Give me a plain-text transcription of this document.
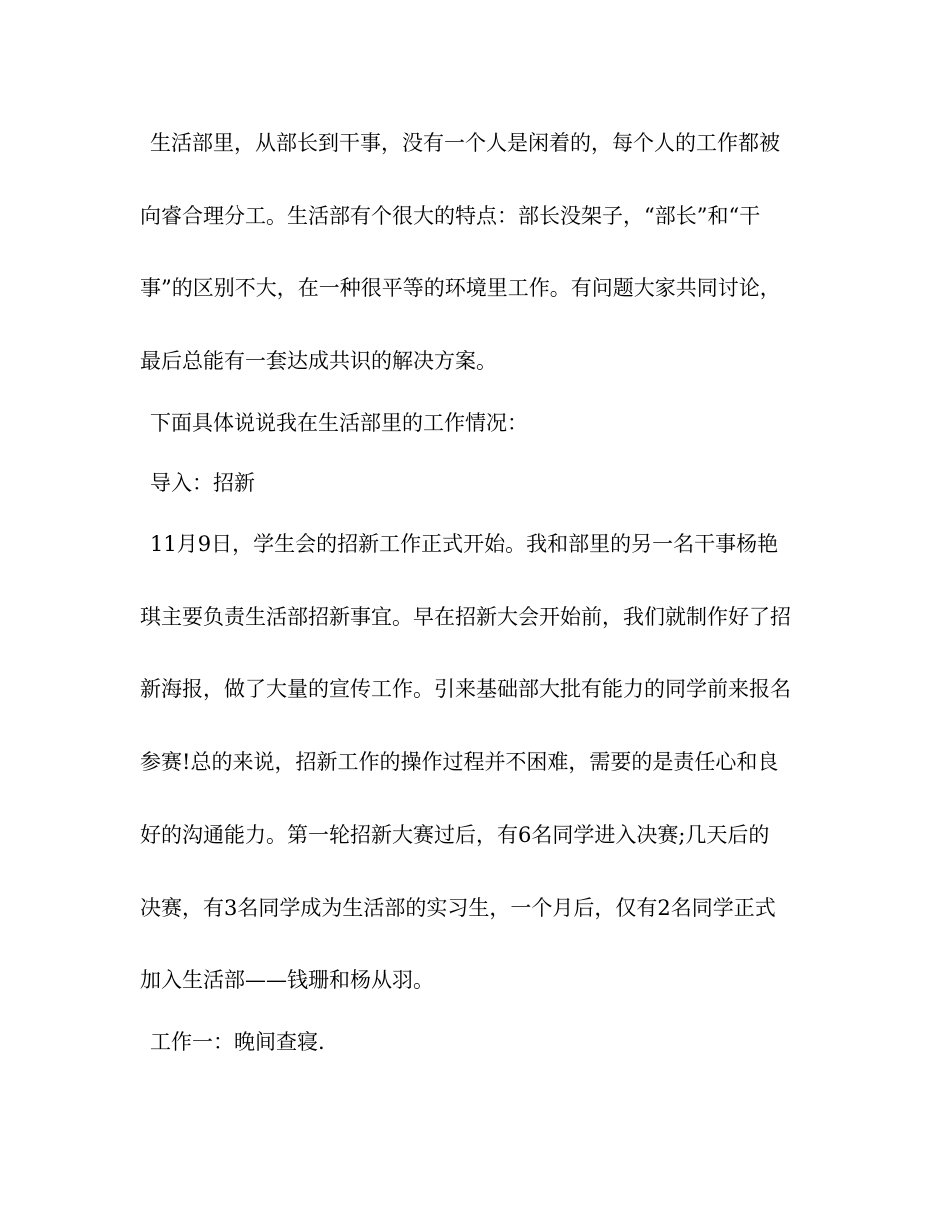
生活部里，从部长到干事，没有一个人是闲着的，每个人的工作都被
向睿合理分工。生活部有个很大的特点：部长没架子，“部长”和“干
事”的区别不大，在一种很平等的环境里工作。有问题大家共同讨论，
最后总能有一套达成共识的解决方案。
下面具体说说我在生活部里的工作情况：
导入：招新
11月9日，学生会的招新工作正式开始。我和部里的另一名干事杨艳
琪主要负责生活部招新事宜。早在招新大会开始前，我们就制作好了招
新海报，做了大量的宣传工作。引来基础部大批有能力的同学前来报名
参赛!总的来说，招新工作的操作过程并不困难，需要的是责任心和良
好的沟通能力。第一轮招新大赛过后，有6名同学进入决赛;几天后的
决赛，有3名同学成为生活部的实习生，一个月后，仅有2名同学正式
加入生活部——钱珊和杨从羽。
工作一：晚间查寝.
